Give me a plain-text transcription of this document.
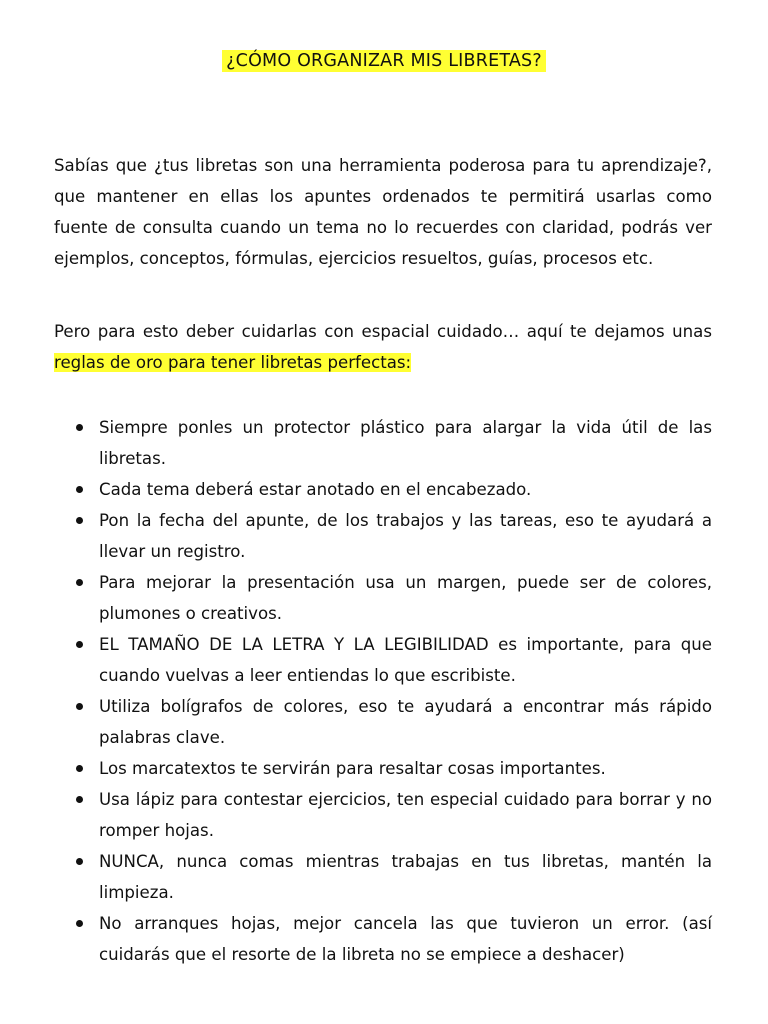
¿CÓMO ORGANIZAR MIS LIBRETAS?

Sabías que ¿tus libretas son una herramienta poderosa para tu aprendizaje?, que mantener en ellas los apuntes ordenados te permitirá usarlas como fuente de consulta cuando un tema no lo recuerdes con claridad, podrás ver ejemplos, conceptos, fórmulas, ejercicios resueltos, guías, procesos etc.

Pero para esto deber cuidarlas con espacial cuidado… aquí te dejamos unas reglas de oro para tener libretas perfectas:

Siempre ponles un protector plástico para alargar la vida útil de las libretas.
Cada tema deberá estar anotado en el encabezado.
Pon la fecha del apunte, de los trabajos y las tareas, eso te ayudará a llevar un registro.
Para mejorar la presentación usa un margen, puede ser de colores, plumones o creativos.
EL TAMAÑO DE LA LETRA Y LA LEGIBILIDAD es importante, para que cuando vuelvas a leer entiendas lo que escribiste.
Utiliza bolígrafos de colores, eso te ayudará a encontrar más rápido palabras clave.
Los marcatextos te servirán para resaltar cosas importantes.
Usa lápiz para contestar ejercicios, ten especial cuidado para borrar y no romper hojas.
NUNCA, nunca comas mientras trabajas en tus libretas, mantén la limpieza.
No arranques hojas, mejor cancela las que tuvieron un error. (así cuidarás que el resorte de la libreta no se empiece a deshacer)
